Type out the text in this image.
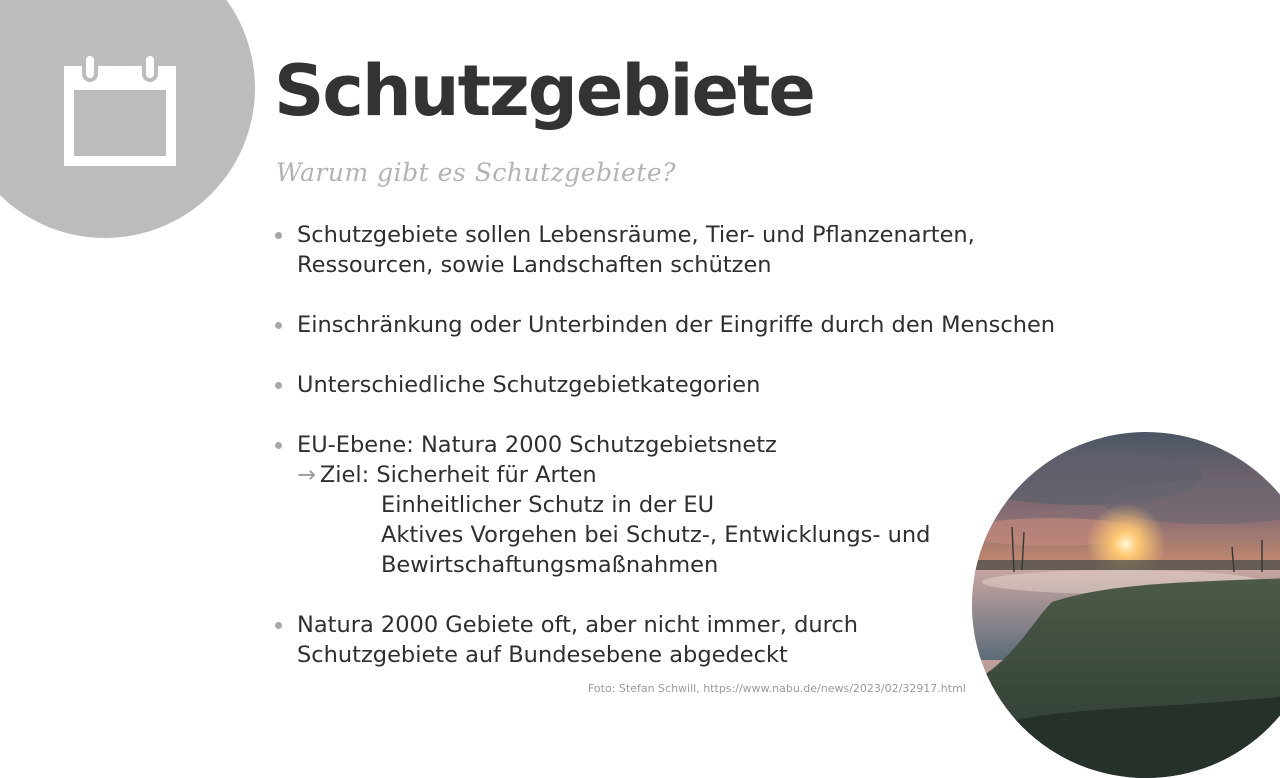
Schutzgebiete
Warum gibt es Schutzgebiete?
Schutzgebiete sollen Lebensräume, Tier- und Pflanzenarten,
Ressourcen, sowie Landschaften schützen
Einschränkung oder Unterbinden der Eingriffe durch den Menschen
Unterschiedliche Schutzgebietkategorien
EU-Ebene: Natura 2000 Schutzgebietsnetz
→ Ziel: Sicherheit für Arten
Einheitlicher Schutz in der EU
Aktives Vorgehen bei Schutz-, Entwicklungs- und
Bewirtschaftungsmaßnahmen
Natura 2000 Gebiete oft, aber nicht immer, durch
Schutzgebiete auf Bundesebene abgedeckt
Foto: Stefan Schwill, https://www.nabu.de/news/2023/02/32917.html
